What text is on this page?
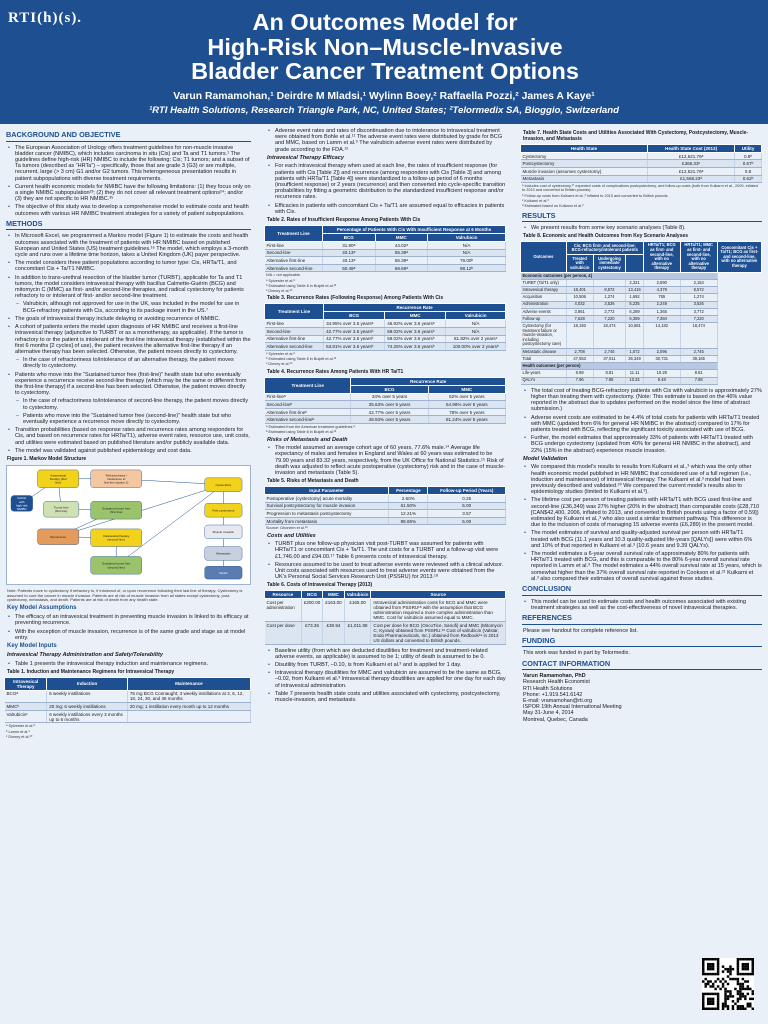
RTI(h)(s).	An Outcomes Model for
High-Risk Non–Muscle-Invasive
Bladder Cancer Treatment Options
Varun Ramamohan,¹ Deirdre M Mladsi,¹ Wylinn Boey,² Raffaella Pozzi,² James A Kaye¹
¹RTI Health Solutions, Research Triangle Park, NC, United States; ²Telormedix SA, Bioggio, Switzerland
BACKGROUND AND OBJECTIVE
• The European Association of Urology offers treatment guidelines for non-muscle invasive bladder cancer (NMIBC), which includes carcinoma in situ (Cis) and Ta and T1 tumors.¹ The guidelines define high-risk (HR) NMIBC to include the following: Cis; T1 tumors; and a subset of Ta tumors (described as “HRTa”) – specifically, those that are grade 3 (G3) or are multiple, recurrent, large (> 3 cm) G1 and/or G2 tumors. This heterogeneous presentation results in patient subpopulations with diverse treatment requirements.
• Current health economic models for NMIBC have the following limitations: (1) they focus only on a single NMIBC subpopulation²³; (2) they do not cover all relevant treatment options²⁴; and/or (3) they are not specific to HR NMIBC.³⁵
• The objective of this study was to develop a comprehensive model to estimate costs and health outcomes with various HR NMIBC treatment strategies for a variety of patient subpopulations.
METHODS
• In Microsoft Excel, we programmed a Markov model (Figure 1) to estimate the costs and health outcomes associated with the treatment of patients with HR NMIBC based on published European and United States (US) treatment guidelines.¹⁶ The model, which employs a 3-month cycle and runs over a lifetime time horizon, takes a United Kingdom (UK) payer perspective.
• The model considers three patient populations according to tumor type: Cis, HRTa/T1, and concomitant Cis + Ta/T1 NMIBC.
• In addition to trans-urethral resection of the bladder tumor (TURBT), applicable for Ta and T1 tumors, the model considers intravesical therapy with bacillus Calmette-Guérin (BCG) and mitomycin C (MMC) as first- and/or second-line therapies, and radical cystectomy for patients refractory to or intolerant of first- and/or second-line treatment.
– Valrubicin, although not approved for use in the UK, was included in the model for use in BCG-refractory patients with Cis, according to its package insert in the US.⁷
• The goals of intravesical therapy include delaying or avoiding recurrence of NMIBC.
• A cohort of patients enters the model upon diagnosis of HR NMIBC and receives a first-line intravesical therapy (adjunctive to TURBT or as a monotherapy, as applicable). If the tumor is refractory to or the patient is intolerant of the first-line intravesical therapy (established within the first 6 months [2 cycles] of use), the patient receives the alternative first-line therapy if an alternative therapy has been selected. Otherwise, the patient moves directly to cystectomy.
– In the case of refractoriness to/intolerance of an alternative therapy, the patient moves directly to cystectomy.
• Patients who move into the “Sustained tumor free (first-line)” health state but who eventually experience a recurrence receive second-line therapy (which may be the same or different from the first-line therapy) if a second-line has been selected. Otherwise, the patient moves directly to cystectomy.
– In the case of refractoriness to/intolerance of second-line therapy, the patient moves directly to cystectomy.
– Patients who move into the “Sustained tumor free (second-line)” health state but who eventually experience a recurrence move directly to cystectomy.
• Transition probabilities (based on response rates and recurrence rates among responders for Cis, and based on recurrence rates for HRTa/T1), adverse event rates, resource use, unit costs, and utilities were estimated based on published literature and/or publicly available data.
• The model was validated against published epidemiology and cost data.
Figure 1. Markov Model Structure
Cohort
with
high-risk
NMIBC
Intravesical
therapy (first
line)
Refractoriness /
intolerance to
first-line (option 1)
Tumor free
(first line)
Sustained tumor free
(first line)
Recurrence
Cystectomy
Post cystectomy
Intravesical therapy
(second line)
Sustained tumor free
(second line)
Muscle invasion
Metastasis
Death
Note: Patients move to cystectomy if refractory to, if intolerant of, or upon recurrence following their last line of therapy. Cystectomy is assumed to cure the cancer in muscle invasion. Patients are at risk of muscle invasion from all states except cystectomy, post-cystectomy, metastasis, and death. Patients are at risk of death from any health state.
Key Model Assumptions
• The efficacy of an intravesical treatment in preventing muscle invasion is linked to its efficacy at preventing recurrence.
• With the exception of muscle invasion, recurrence is of the same grade and stage as at model entry.
Key Model Inputs
Intravesical Therapy Administration and Safety/Tolerability
• Table 1 presents the intravesical therapy induction and maintenance regimens.
Table 1. Induction and Maintenance Regimens for Intravesical Therapy
Intravesical Therapy	Induction	Maintenance
BCGᵃ	6 weekly instillations	75 mg BCG Connaught; 3 weekly instillations at 3, 6, 12, 18, 24, 30, and 36 months
MMCᵇ	20 mg; 6 weekly instillations	20 mg; 1 instillation every month up to 12 months
Valrubicinᶜ	6 weekly instillations every 3 months up to 6 months	
ᵃ Sylvester et al.⁸
ᵇ Lamm et al.⁹
ᶜ Dinney et al.¹⁰
• Adverse event rates and rates of discontinuation due to intolerance to intravesical treatment were obtained from Bohle et al.¹¹ The adverse event rates were distributed by grade for BCG and MMC, based on Lamm et al.⁹ The valrubicin adverse event rates were distributed by grade according to the FDA.¹²
Intravesical Therapy Efficacy
• For each intravesical therapy when used at each line, the rates of insufficient response (for patients with Cis [Table 2]) and recurrence (among responders with Cis [Table 3] and among patients with HRTa/T1 [Table 4]) were standardized to a follow-up period of 6 months (insufficient response) or 2 years (recurrence) and then converted into cycle-specific transition probabilities by fitting a geometric distribution to the standardized insufficient response and/or recurrence rates.
• Efficacies in patients with concomitant Cis + Ta/T1 are assumed equal to efficacies in patients with Cis.
Table 2. Rates of Insufficient Response Among Patients With Cis
Treatment Line	Percentage of Patients With Cis With Insufficient Response at 6 Months		
	BCG	MMC	Valrubicin
First-line	31.90ᵃ	44.02ᵃ	N/A
Second-line	40.13ᵃ	55.39ᵃ	N/A
Alternative first-line	40.13ᵃ	55.39ᵃ	79.00ᵇ
Alternative second-line	50.49ᵃ	69.69ᵃ	98.12ᵇ
N/A = not applicable.
ᵃ Sylvester et al.⁸
ᵇ Estimated using Table 8 in Bulpitt et al.¹³
ᶜ Dinney et al.¹⁰
Table 3. Recurrence Rates (Following Response) Among Patients With Cis
Treatment Line	Recurrence Rate		
	BCG	MMC	Valrubicin
First-line	34.95% over 3.6 yearsᵃ	46.92% over 3.6 yearsᵃ	N/A
Second-line	42.77% over 3.6 yearsᵇ	59.02% over 3.6 yearsᵇ	N/A
Alternative first-line	42.77% over 3.6 yearsᵇ	59.02% over 3.6 yearsᵇ	81.82% over 2 yearsᶜ
Alternative second-line	53.81% over 3.6 yearsᵇ	74.25% over 3.6 yearsᵇ	100.00% over 2 yearsᵇ
ᵃ Sylvester et al.⁸
ᵇ Estimated using Table 8 in Bulpitt et al.¹³
ᶜ Dinney et al.¹⁰
Table 4. Recurrence Rates Among Patients With HR Ta/T1
Treatment Line	Recurrence Rate	
	BCG	MMC
First-lineᵃ	34% over 5 years	62% over 5 years
Second-lineᵇ	35.63% over 5 years	64.98% over 5 years
Alternative first-lineᵇ	42.77% over 5 years	78% over 5 years
Alternative second-lineᵇ	48.93% over 5 years	81.24% over 5 years
ᵃ Estimated from the American treatment guidelines.⁶
ᵇ Estimated using Table 8 in Bulpitt et al.¹³
Risks of Metastasis and Death
• The model assumed an average cohort age of 60 years, 77.6% male.¹⁴ Average life expectancy of males and females in England and Wales at 60 years was estimated to be 79.90 years and 83.32 years, respectively, from the UK Office for National Statistics.¹⁵ Risk of death was adjusted to reflect acute postoperative (cystectomy) risk and in the case of muscle-invasion and metastasis (Table 5).
Table 5. Risks of Metastasis and Death
Input Parameter	Percentage	Follow-up Period (Years)
Postoperative (cystectomy) acute mortality	2.60%	0.25
Survival postcystectomy for muscle invasion	61.50%	5.00
Progression to metastasis postcystectomy	12.21%	3.57
Mortality from metastasis	88.65%	5.00
Source: Ghoneim et al.¹⁶
Costs and Utilities
• TURBT plus one follow-up physician visit post-TURBT was assumed for patients with HRTa/T1 or concomitant Cis + Ta/T1. The unit costs for a TURBT and a follow-up visit were £1,746.00 and £94.00.¹⁷ Table 6 presents costs of intravesical therapy.
• Resources assumed to be used to treat adverse events were reviewed with a clinical advisor. Unit costs associated with resources used to treat adverse events were obtained from the UK’s Personal Social Services Research Unit (PSSRU) for 2013.¹⁸
Table 6. Costs of Intravesical Therapy (2013)
Resource	BCG	MMC	Valrubicin	Source
Cost per administration	£200.00	£163.00	£165.00	Intravesical administration costs for BCG and MMC were obtained from PSSRU¹⁸ with the assumption that BCG administration required a more complex administration than MMC. Cost for valrubicin assumed equal to MMC.
Cost per dose	£73.36	£39.94	£1,011.88	Cost per dose for BCG (OncoTice, Sanofi) and MMC (Mitomycin C, Kyowa) obtained from PSSRU.¹⁸ Cost of valrubicin (Valstar, Endo Pharmaceuticals, Inc.) obtained from Redbook¹⁹ in 2013 US dollars and converted to British pounds.
• Baseline utility (from which are deducted disutilities for treatment and treatment-related adverse events, as applicable) is assumed to be 1; utility of death is assumed to be 0.
• Disutility from TURBT, –0.10, is from Kulkarni et al.³ and is applied for 1 day.
• Intravesical therapy disutilities for MMC and valrubicin are assumed to be the same as BCG, –0.02, from Kulkarni et al.³ Intravesical therapy disutilities are applied for one day for each day of intravesical administration.
• Table 7 presents health state costs and utilities associated with cystectomy, postcystectomy, muscle-invasion, and metastasis.
Table 7. Health State Costs and Utilities Associated With Cystectomy, Postcystectomy, Muscle-Invasion, and Metastasis
Health State	Health State Cost (2013)	Utility
Cystectomy	£12,621.76ᵃ	0.8ᵇ
Postcystectomy	£365.33ᶜ	0.67ᵇ
Muscle invasion (assumes cystectomy)	£12,621.76ᵃ	0.8
Metastasis	£1,568.23ᵈ	0.62ᵇ
ᵃ Includes cost of cystectomy,¹⁷ expected costs of complications postcystectomy, and follow-up costs (both from Kulkarni et al., 2009, inflated to 2013 and converted to British pounds).
ᵇ Follow-up costs from Kulkarni et al.,³ inflated to 2013 and converted to British pounds.
ᶜ Kulkarni et al.³
ᵈ Estimated based on Kulkarni et al.³
RESULTS
• We present results from some key scenario analyses (Table 8).
Table 8. Economic and Health Outcomes from Key Scenario Analyses
Outcomes	Cis; BCG first- and second-line; BCG-refractory/intolerant patients			HRTa/T1; BCG as first- and second-line, with no alternative therapy	HRTa/T1; MMC as first- and second-line, with no alternative therapy	Concomitant Cis + Ta/T1; BCG as first- and second-line, with no alternative therapy
	Treated with valrubicin	Undergoing immediate cystectomy				
Economic outcomes (per person, £)						
TURBT (Ta/T1 only)			2,321	2,690	2,154	
Intravesical therapy	18,401	8,572	13,416	4,379	8,572	
Acquisition	10,506	1,274	1,692	765	1,274	
Administration	4,032	3,526	5,235	2,249	3,526	
Adverse events	3,861	3,772	6,289	1,365	3,772	
Follow-up	7,628	7,220	6,359	7,384	7,220	
Cystectomy (for treatment failure or muscle-invasion, including postcystectomy care)	18,193	18,474	10,681	14,182	18,474	
Metastatic disease	2,708	2,745	1,572	2,096	2,745	
Total	47,553	37,011	36,349	30,731	39,165	
Health outcomes (per person)						
Life-years	8.89	8.81	11.11	10.29	8.81	
QALYs	7.96	7.88	10.34	9.48	7.88	
• The total cost of treating BCG-refractory patients with Cis with valrubicin is approximately 27% higher than treating them with cystectomy. (Note: This estimate is based on the 46% value reported in the abstract due to updates performed on the model since the time of abstract submission.)
• Adverse event costs are estimated to be 4.4% of total costs for patients with HRTa/T1 treated with MMC (updated from 6% for general HR NMIBC in the abstract) compared to 17% for patients treated with BCG, reflecting the significant toxicity associated with use of BCG.
• Further, the model estimates that approximately 33% of patients with HRTa/T1 treated with BCG undergo cystectomy (updated from 40% for general HR NMIBC in the abstract), and 22% (15% in the abstract) experience muscle invasion.
Model Validation
• We compared this model's results to results from Kulkarni et al.,³ which was the only other health economic model published in HR NMIBC that considered use of a full regimen (i.e., induction and maintenance) of intravesical therapy. The Kulkarni et al.³ model had been previously described and validated.²⁰ We compared the current model's results also to epidemiology studies (limited to Kulkarni et al.³).
• The lifetime cost per person of treating patients with HRTa/T1 with BCG used first-line and second-line (£36,349) was 27% higher (20% in the abstract) than comparable costs (£28,710 [CAN$42,400, 2006, inflated to 2013, and converted to British pounds using a factor of 0.59]) estimated by Kulkarni et al.,³ who also used a similar treatment pathway. This difference is due to the inclusion of costs of managing 15 adverse events (£6,289) in the present model.
• The model estimates of survival and quality-adjusted survival per person with HRTa/T1 treated with BCG (11.1 years and 10.3 quality-adjusted life-years [QALYs]) were within 6% and 10% of that reported in Kulkarni et al.³ (10.6 years and 9.39 QALYs).
• The model estimates a 6-year overall survival rate of approximately 80% for patients with HRTa/T1 treated with BCG, and this is comparable to the 80% 6-year overall survival rate reported in Lamm et al.⁹ The model estimates a 44% overall survival rate at 15 years, which is somewhat higher than the 37% overall survival rate reported in Cookson et al.²¹ Kulkarni et al.³ also compared their estimates of overall survival against these studies.
CONCLUSION
• This model can be used to estimate costs and health outcomes associated with existing treatment strategies as well as the cost-effectiveness of novel intravesical therapies.
REFERENCES
Please see handout for complete reference list.
FUNDING
This work was funded in part by Telormedix.
CONTACT INFORMATION
Varun Ramamohan, PhD
Research Health Economist
RTI Health Solutions
Phone: +1.919.541.6142
E-mail: vramamohan@rti.org
ISPOR 19th Annual International Meeting
May 31-June 4, 2014
Montreal, Quebec, Canada
